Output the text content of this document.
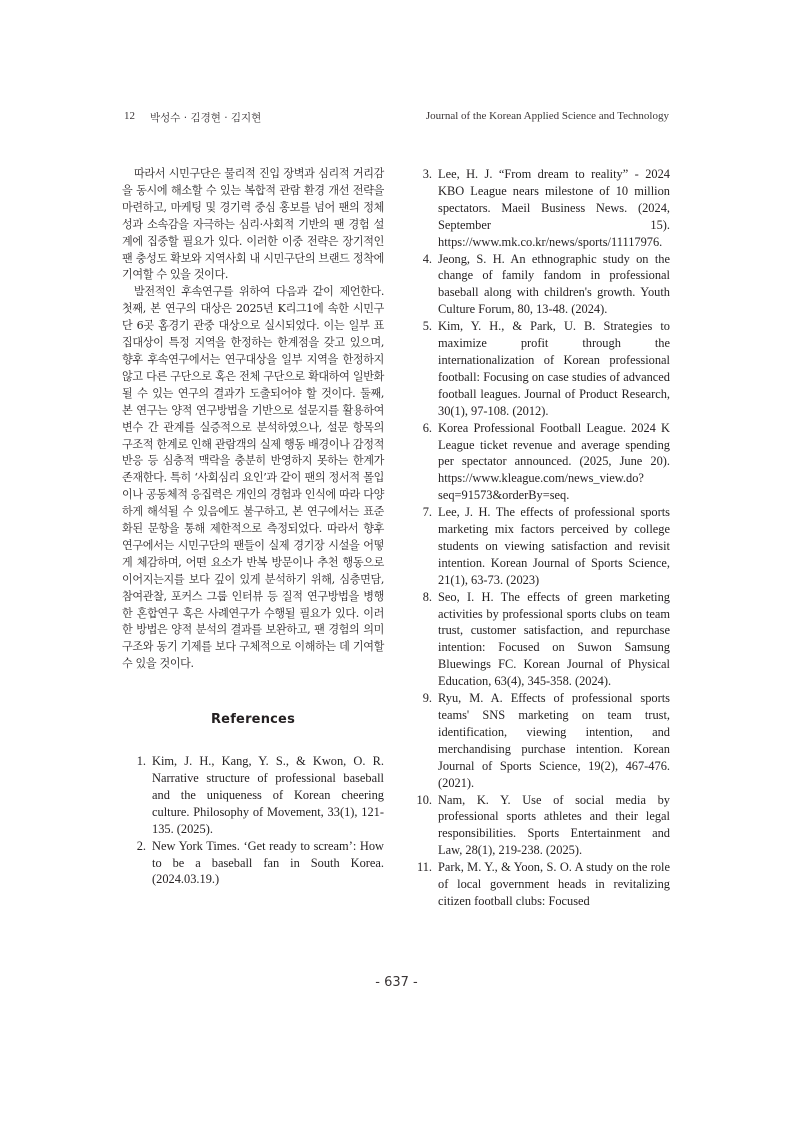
12 박성수 · 김경현 · 김지현	Journal of the Korean Applied Science and Technology

따라서 시민구단은 물리적 진입 장벽과 심리적 거리감을 동시에 해소할 수 있는 복합적 관람 환경 개선 전략을 마련하고, 마케팅 및 경기력 중심 홍보를 넘어 팬의 정체성과 소속감을 자극하는 심리·사회적 기반의 팬 경험 설계에 집중할 필요가 있다. 이러한 이중 전략은 장기적인 팬 충성도 확보와 지역사회 내 시민구단의 브랜드 정착에 기여할 수 있을 것이다.

발전적인 후속연구를 위하여 다음과 같이 제언한다. 첫째, 본 연구의 대상은 2025년 K리그1에 속한 시민구단 6곳 홈경기 관중 대상으로 실시되었다. 이는 일부 표집대상이 특정 지역을 한정하는 한계점을 갖고 있으며, 향후 후속연구에서는 연구대상을 일부 지역을 한정하지 않고 다른 구단으로 혹은 전체 구단으로 확대하여 일반화될 수 있는 연구의 결과가 도출되어야 할 것이다. 둘째, 본 연구는 양적 연구방법을 기반으로 설문지를 활용하여 변수 간 관계를 실증적으로 분석하였으나, 설문 항목의 구조적 한계로 인해 관람객의 실제 행동 배경이나 감정적 반응 등 심층적 맥락을 충분히 반영하지 못하는 한계가 존재한다. 특히 ‘사회심리 요인’과 같이 팬의 정서적 몰입이나 공동체적 응집력은 개인의 경험과 인식에 따라 다양하게 해석될 수 있음에도 불구하고, 본 연구에서는 표준화된 문항을 통해 제한적으로 측정되었다. 따라서 향후 연구에서는 시민구단의 팬들이 실제 경기장 시설을 어떻게 체감하며, 어떤 요소가 반복 방문이나 추천 행동으로 이어지는지를 보다 깊이 있게 분석하기 위해, 심층면담, 참여관찰, 포커스 그룹 인터뷰 등 질적 연구방법을 병행한 혼합연구 혹은 사례연구가 수행될 필요가 있다. 이러한 방법은 양적 분석의 결과를 보완하고, 팬 경험의 의미 구조와 동기 기제를 보다 구체적으로 이해하는 데 기여할 수 있을 것이다.

References
1. Kim, J. H., Kang, Y. S., & Kwon, O. R. Narrative structure of professional baseball and the uniqueness of Korean cheering culture. Philosophy of Movement, 33(1), 121-135. (2025).
2. New York Times. ‘Get ready to scream’: How to be a baseball fan in South Korea. (2024.03.19.)
3. Lee, H. J. “From dream to reality” - 2024 KBO League nears milestone of 10 million spectators. Maeil Business News. (2024, September 15). https://www.mk.co.kr/news/sports/11117976.
4. Jeong, S. H. An ethnographic study on the change of family fandom in professional baseball along with children's growth. Youth Culture Forum, 80, 13-48. (2024).
5. Kim, Y. H., & Park, U. B. Strategies to maximize profit through the internationalization of Korean professional football: Focusing on case studies of advanced football leagues. Journal of Product Research, 30(1), 97-108. (2012).
6. Korea Professional Football League. 2024 K League ticket revenue and average spending per spectator announced. (2025, June 20). https://www.kleague.com/news_view.do?seq=91573&orderBy=seq.
7. Lee, J. H. The effects of professional sports marketing mix factors perceived by college students on viewing satisfaction and revisit intention. Korean Journal of Sports Science, 21(1), 63-73. (2023)
8. Seo, I. H. The effects of green marketing activities by professional sports clubs on team trust, customer satisfaction, and repurchase intention: Focused on Suwon Samsung Bluewings FC. Korean Journal of Physical Education, 63(4), 345-358. (2024).
9. Ryu, M. A. Effects of professional sports teams' SNS marketing on team trust, identification, viewing intention, and merchandising purchase intention. Korean Journal of Sports Science, 19(2), 467-476. (2021).
10. Nam, K. Y. Use of social media by professional sports athletes and their legal responsibilities. Sports Entertainment and Law, 28(1), 219-238. (2025).
11. Park, M. Y., & Yoon, S. O. A study on the role of local government heads in revitalizing citizen football clubs: Focused
- 637 -
